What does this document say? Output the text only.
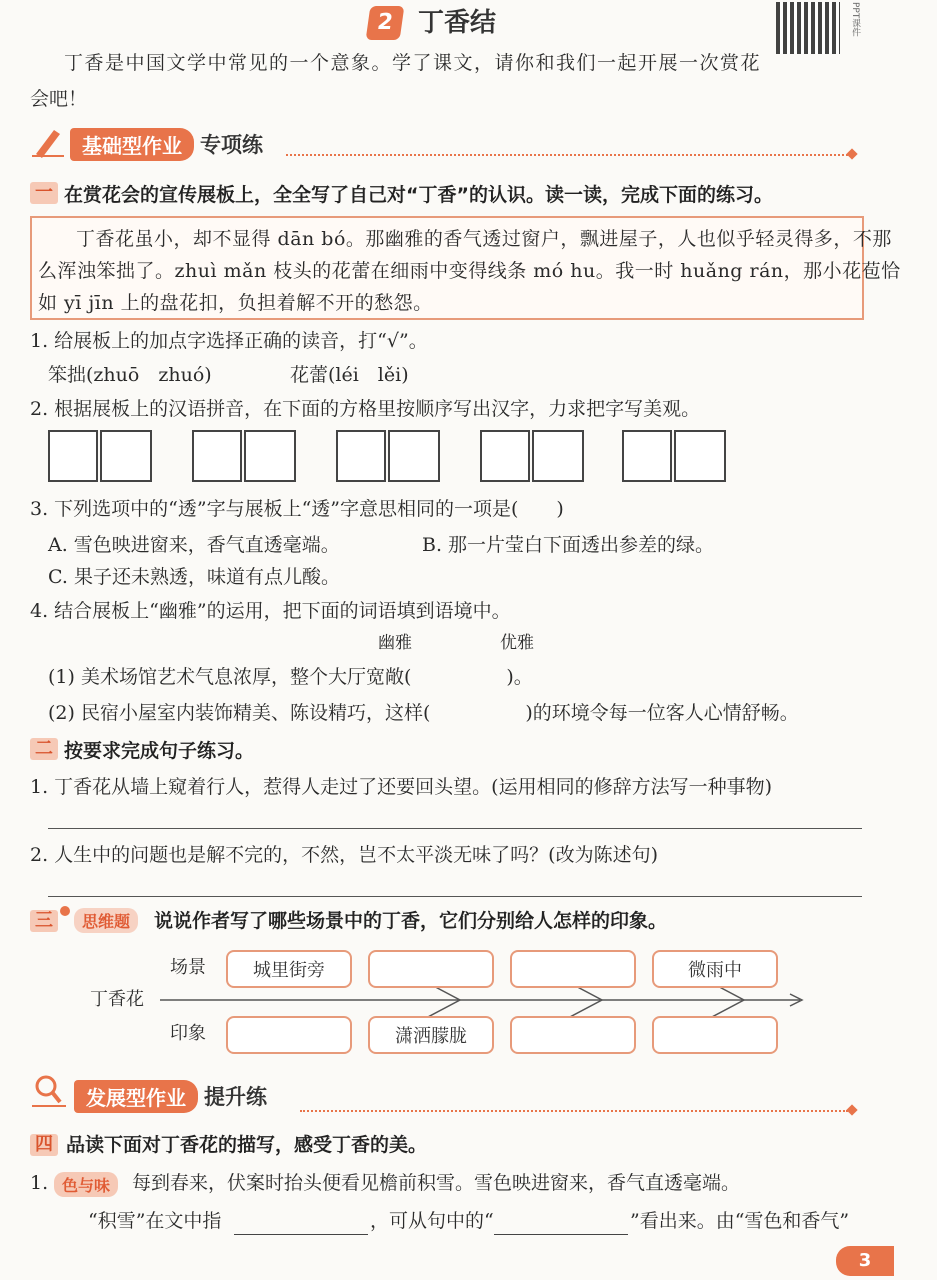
2 丁香结	PPT课件
丁香是中国文学中常见的一个意象。学了课文，请你和我们一起开展一次赏花
会吧！
基础型作业 专项练
一 在赏花会的宣传展板上，全全写了自己对“丁香”的认识。读一读，完成下面的练习。
丁香花虽小，却不显得 dān bó。那幽雅的香气透过窗户，飘进屋子，人也似乎轻灵得多，不那
么浑浊笨拙了。zhuì mǎn 枝头的花蕾在细雨中变得线条 mó hu。我一时 huǎng rán，那小花苞恰
如 yī jīn 上的盘花扣，负担着解不开的愁怨。
1. 给展板上的加点字选择正确的读音，打“√”。
笨拙(zhuō　zhuó)	花蕾(léi　lěi)
2. 根据展板上的汉语拼音，在下面的方格里按顺序写出汉字，力求把字写美观。
3. 下列选项中的“透”字与展板上“透”字意思相同的一项是(　　)
A. 雪色映进窗来，香气直透毫端。	B. 那一片莹白下面透出参差的绿。
C. 果子还未熟透，味道有点儿酸。
4. 结合展板上“幽雅”的运用，把下面的词语填到语境中。
幽雅	优雅
(1) 美术场馆艺术气息浓厚，整个大厅宽敞(　　　　　)。
(2) 民宿小屋室内装饰精美、陈设精巧，这样(　　　　　)的环境令每一位客人心情舒畅。
二 按要求完成句子练习。
1. 丁香花从墙上窥着行人，惹得人走过了还要回头望。(运用相同的修辞方法写一种事物)
2. 人生中的问题也是解不完的，不然，岂不太平淡无味了吗？(改为陈述句)
三	思维题	说说作者写了哪些场景中的丁香，它们分别给人怎样的印象。
场景
丁香花
印象
城里街旁	微雨中
潇洒朦胧
发展型作业 提升练
四 品读下面对丁香花的描写，感受丁香的美。
1. 色与味	每到春来，伏案时抬头便看见檐前积雪。雪色映进窗来，香气直透毫端。
“积雪”在文中指	，可从句中的“	”看出来。由“雪色和香气”
3
